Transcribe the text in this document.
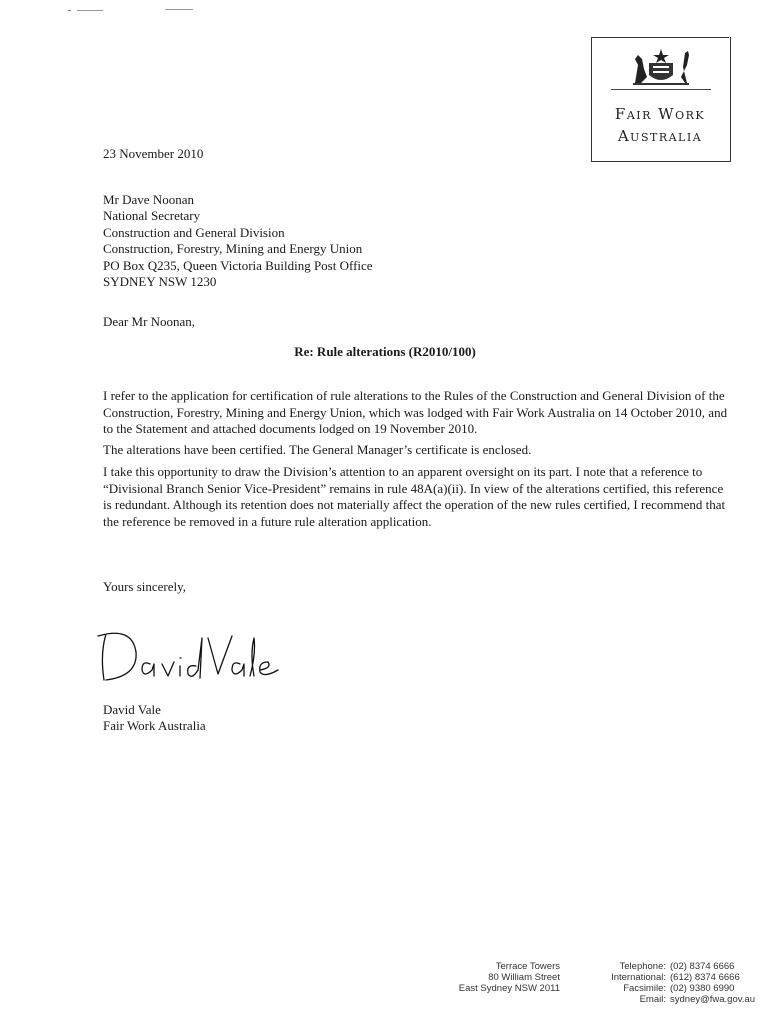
Fair Work
Australia
23 November 2010
Mr Dave Noonan
National Secretary
Construction and General Division
Construction, Forestry, Mining and Energy Union
PO Box Q235, Queen Victoria Building Post Office
SYDNEY NSW 1230
Dear Mr Noonan,
Re: Rule alterations (R2010/100)
I refer to the application for certification of rule alterations to the Rules of the Construction and General Division of the Construction, Forestry, Mining and Energy Union, which was lodged with Fair Work Australia on 14 October 2010, and to the Statement and attached documents lodged on 19 November 2010.
The alterations have been certified. The General Manager’s certificate is enclosed.
I take this opportunity to draw the Division’s attention to an apparent oversight on its part. I note that a reference to “Divisional Branch Senior Vice-President” remains in rule 48A(a)(ii). In view of the alterations certified, this reference is redundant. Although its retention does not materially affect the operation of the new rules certified, I recommend that the reference be removed in a future rule alteration application.
Yours sincerely,
David Vale
Fair Work Australia
Terrace Towers
80 William Street
East Sydney NSW 2011
Telephone:
International:
Facsimile:
Email:
(02) 8374 6666
(612) 8374 6666
(02) 9380 6990
sydney@fwa.gov.au
